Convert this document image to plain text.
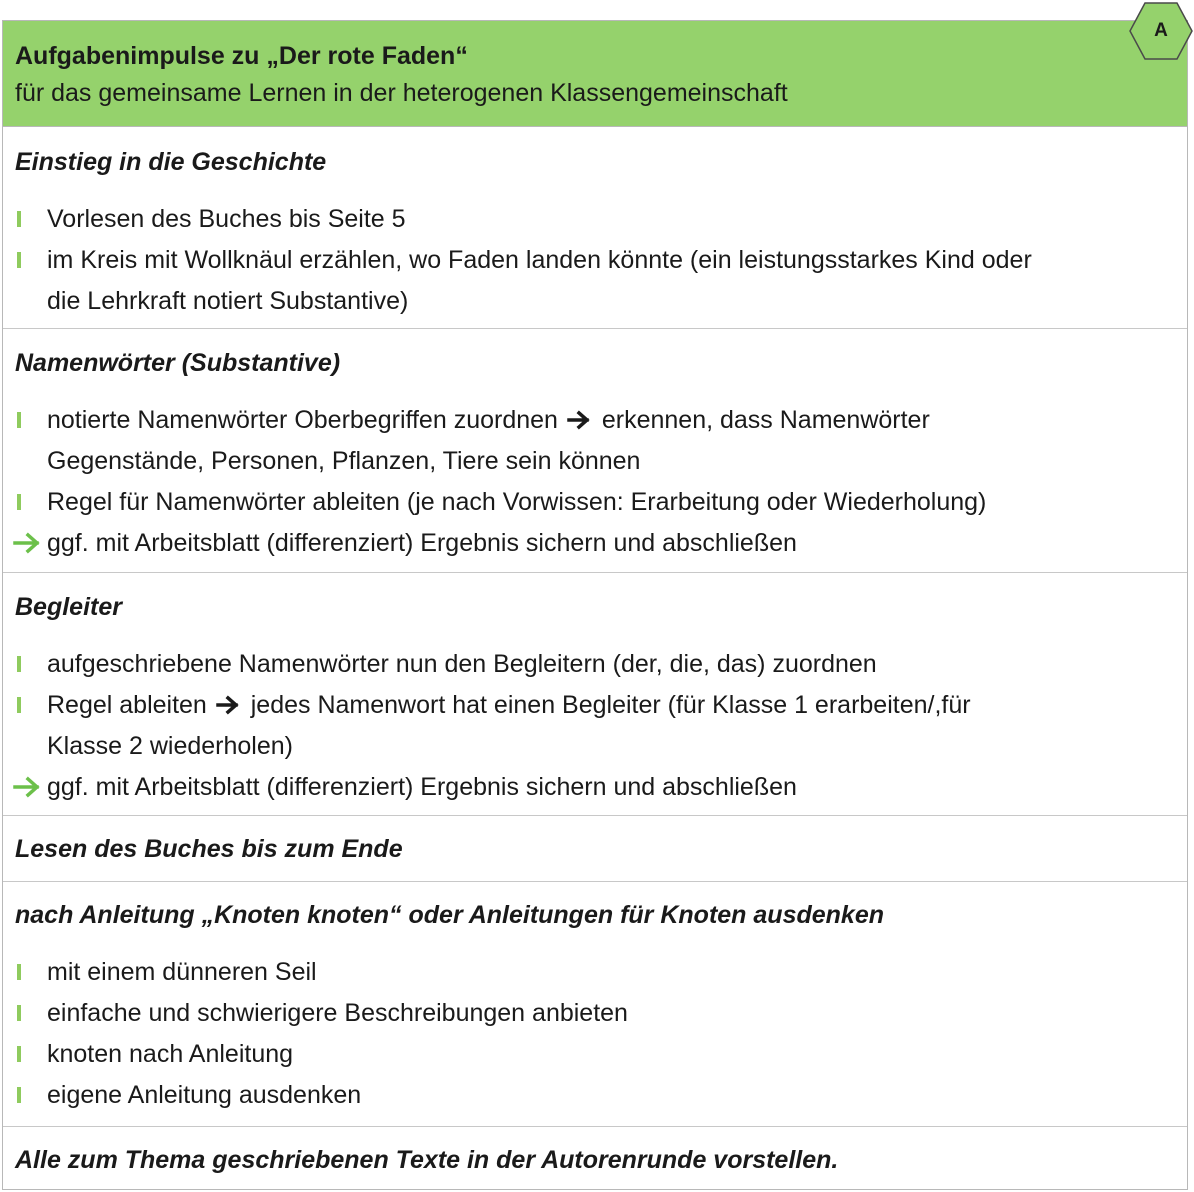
Aufgabenimpulse zu „Der rote Faden“
für das gemeinsame Lernen in der heterogenen Klassengemeinschaft
Einstieg in die Geschichte
Vorlesen des Buches bis Seite 5
im Kreis mit Wollknäul erzählen, wo Faden landen könnte (ein leistungsstarkes Kind oder
die Lehrkraft notiert Substantive)
Namenwörter (Substantive)
notierte Namenwörter Oberbegriffen zuordnen erkennen, dass Namenwörter
Gegenstände, Personen, Pflanzen, Tiere sein können
Regel für Namenwörter ableiten (je nach Vorwissen: Erarbeitung oder Wiederholung)
ggf. mit Arbeitsblatt (differenziert) Ergebnis sichern und abschließen
Begleiter
aufgeschriebene Namenwörter nun den Begleitern (der, die, das) zuordnen
Regel ableiten jedes Namenwort hat einen Begleiter (für Klasse 1 erarbeiten/,für
Klasse 2 wiederholen)
ggf. mit Arbeitsblatt (differenziert) Ergebnis sichern und abschließen
Lesen des Buches bis zum Ende
nach Anleitung „Knoten knoten“ oder Anleitungen für Knoten ausdenken
mit einem dünneren Seil
einfache und schwierigere Beschreibungen anbieten
knoten nach Anleitung
eigene Anleitung ausdenken
Alle zum Thema geschriebenen Texte in der Autorenrunde vorstellen.
A
